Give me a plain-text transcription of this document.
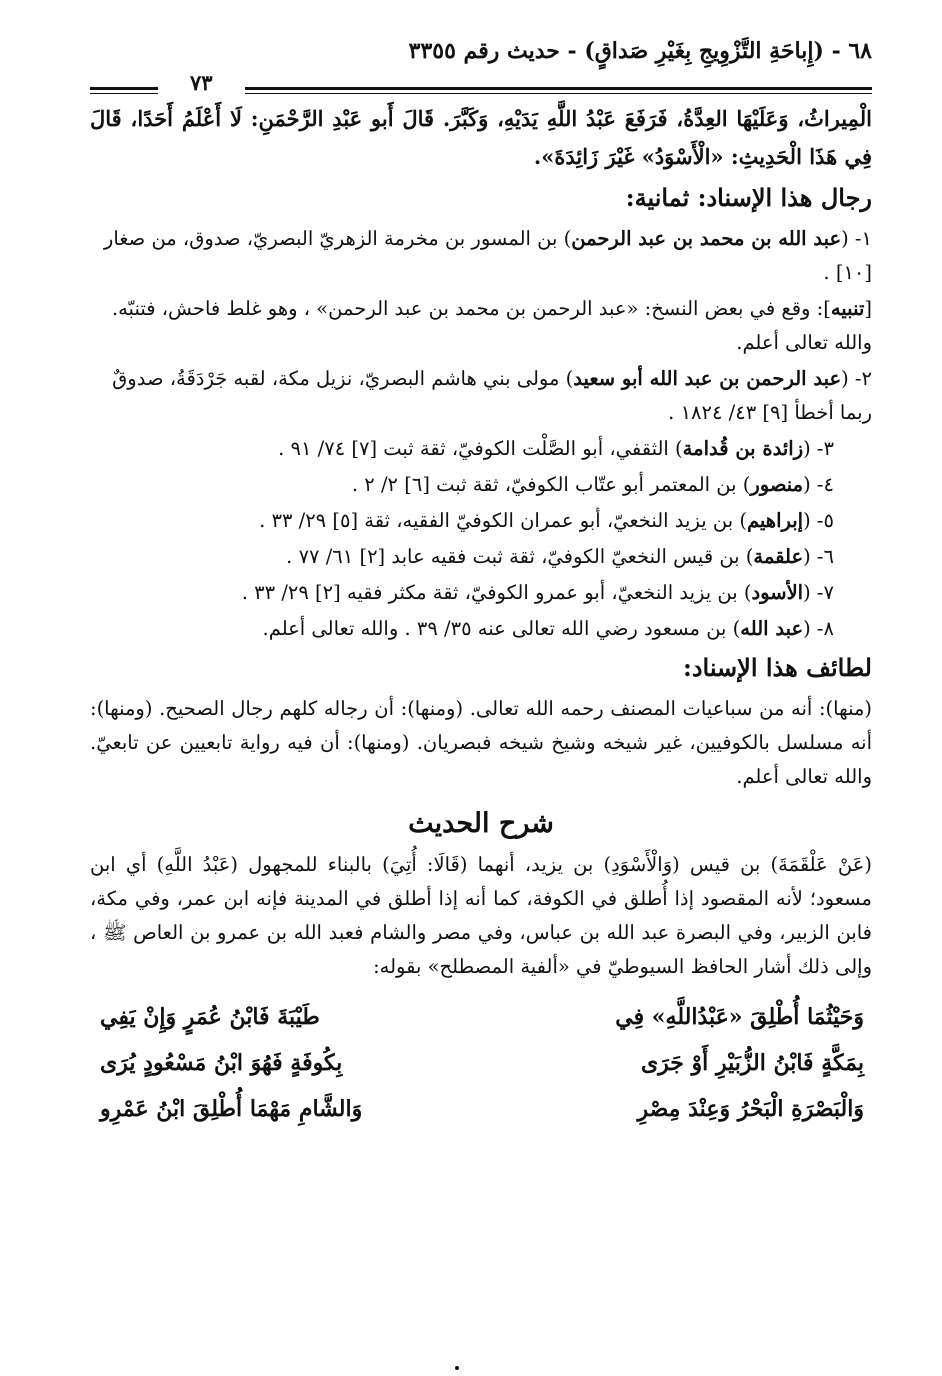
٦٨ - (إِباحَةِ التَّزْوِيجِ بِغَيْرِ صَداقٍ) - حديث رقم ٣٣٥٥
٧٣

الْمِيراثُ، وَعَلَيْهَا العِدَّةُ، فَرَفَعَ عَبْدُ اللَّهِ يَدَيْهِ، وَكَبَّرَ. قَالَ أَبو عَبْدِ الرَّحْمَنِ: لَا أَعْلَمُ أَحَدًا، قَالَ فِي هَذَا الْحَدِيثِ: «الْأَسْوَدُ» غَيْرَ زَائِدَةَ».

رجال هذا الإسناد: ثمانية:

١- (عبد الله بن محمد بن عبد الرحمن) بن المسور بن مخرمة الزهريّ البصريّ، صدوق، من صغار [١٠] .

[تنبيه]: وقع في بعض النسخ: «عبد الرحمن بن محمد بن عبد الرحمن» ، وهو غلط فاحش، فتنبّه. والله تعالى أعلم.

٢- (عبد الرحمن بن عبد الله أبو سعيد) مولى بني هاشم البصريّ، نزيل مكة، لقبه جَرْدَقَةُ، صدوقٌ ربما أخطأ [٩] ٤٣/ ١٨٢٤ .

٣- (زائدة بن قُدامة) الثقفي، أبو الصَّلْت الكوفيّ، ثقة ثبت [٧] ٧٤/ ٩١ .

٤- (منصور) بن المعتمر أبو عتّاب الكوفيّ، ثقة ثبت [٦] ٢/ ٢ .

٥- (إبراهيم) بن يزيد النخعيّ، أبو عمران الكوفيّ الفقيه، ثقة [٥] ٢٩/ ٣٣ .

٦- (علقمة) بن قيس النخعيّ الكوفيّ، ثقة ثبت فقيه عابد [٢] ٦١/ ٧٧ .

٧- (الأسود) بن يزيد النخعيّ، أبو عمرو الكوفيّ، ثقة مكثر فقيه [٢] ٢٩/ ٣٣ .

٨- (عبد الله) بن مسعود رضي الله تعالى عنه ٣٥/ ٣٩ . والله تعالى أعلم.

لطائف هذا الإسناد:

(منها): أنه من سباعيات المصنف رحمه الله تعالى. (ومنها): أن رجاله كلهم رجال الصحيح. (ومنها): أنه مسلسل بالكوفيين، غير شيخه وشيخ شيخه فبصريان. (ومنها): أن فيه رواية تابعيين عن تابعيّ. والله تعالى أعلم.

شرح الحديث

(عَنْ عَلْقَمَةَ) بن قيس (وَالْأَسْوَدِ) بن يزيد، أنهما (قَالَا: أُتِيَ) بالبناء للمجهول (عَبْدُ اللَّهِ) أي ابن مسعود؛ لأنه المقصود إذا أُطلق في الكوفة، كما أنه إذا أطلق في المدينة فإنه ابن عمر، وفي مكة، فابن الزبير، وفي البصرة عبد الله بن عباس، وفي مصر والشام فعبد الله بن عمرو بن العاص ﷺ ، وإلى ذلك أشار الحافظ السيوطيّ في «ألفية المصطلح» بقوله:

وَحَيْثُمَا أُطْلِقَ «عَبْدُاللَّهِ» فِي
طَيْبَةَ فَابْنُ عُمَرٍ وَإِنْ يَفِي
بِمَكَّةٍ فَابْنُ الزُّبَيْرِ أَوْ جَرَى
بِكُوفَةٍ فَهُوَ ابْنُ مَسْعُودٍ يُرَى
وَالْبَصْرَةِ الْبَحْرُ وَعِنْدَ مِصْرِ
وَالشَّامِ مَهْمَا أُطْلِقَ ابْنُ عَمْرِو
